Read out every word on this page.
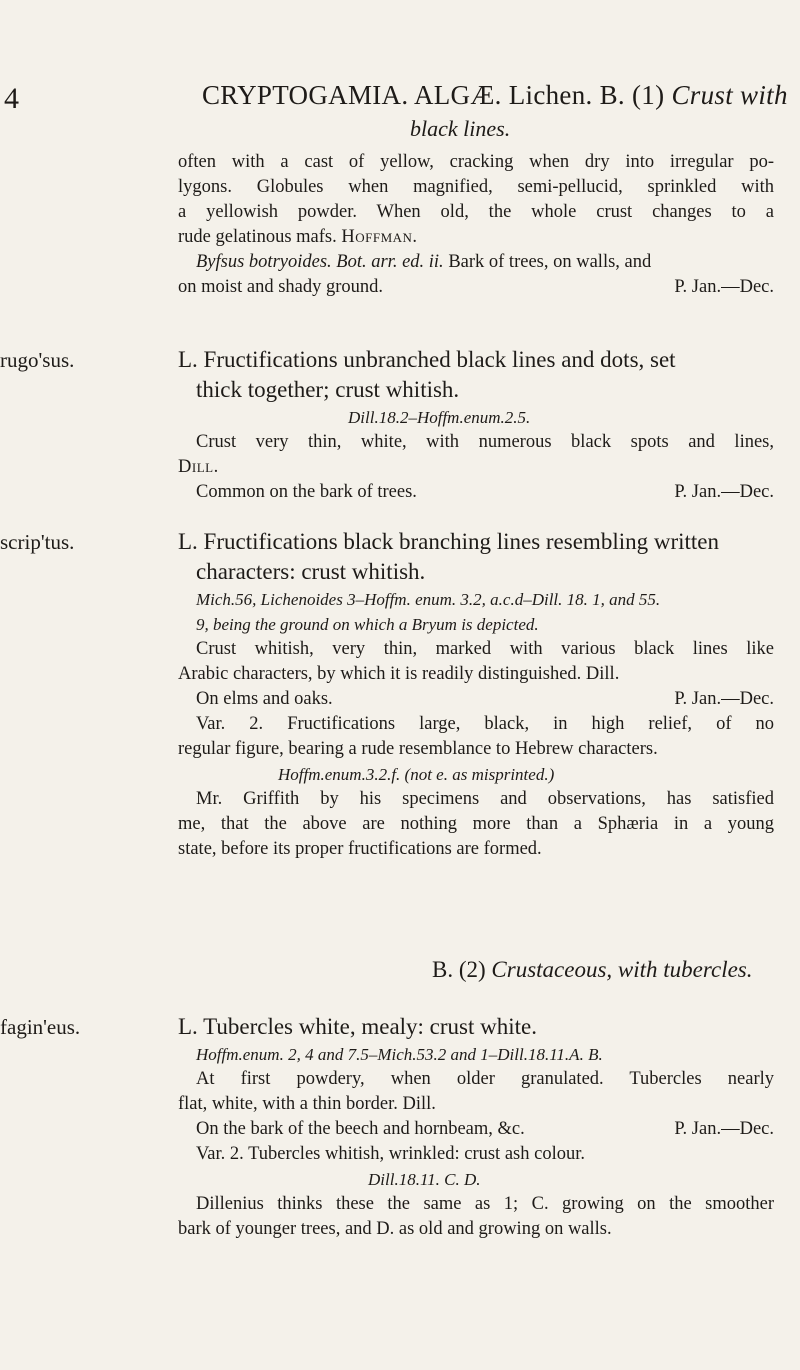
4	CRYPTOGAMIA. ALGÆ. Lichen. B. (1) Crust with
black lines.
often with a cast of yellow, cracking when dry into irregular po-
lygons. Globules when magnified, semi-pellucid, sprinkled with
a yellowish powder. When old, the whole crust changes to a
rude gelatinous mafs. Hoffman.
Byfsus botryoides. Bot. arr. ed. ii. Bark of trees, on walls, and
on moist and shady ground.	P. Jan.—Dec.
rugo'sus.	L. Fructifications unbranched black lines and dots, set
thick together; crust whitish.
Dill.18.2–Hoffm.enum.2.5.
Crust very thin, white, with numerous black spots and lines,
Dill.
Common on the bark of trees.	P. Jan.—Dec.
scrip'tus.	L. Fructifications black branching lines resembling written
characters: crust whitish.
Mich.56, Lichenoides 3–Hoffm. enum. 3.2, a.c.d–Dill. 18. 1, and 55.
9, being the ground on which a Bryum is depicted.
Crust whitish, very thin, marked with various black lines like
Arabic characters, by which it is readily distinguished. Dill.
On elms and oaks.	P. Jan.—Dec.
Var. 2. Fructifications large, black, in high relief, of no
regular figure, bearing a rude resemblance to Hebrew characters.
Hoffm.enum.3.2.f. (not e. as misprinted.)
Mr. Griffith by his specimens and observations, has satisfied
me, that the above are nothing more than a Sphæria in a young
state, before its proper fructifications are formed.
B. (2) Crustaceous, with tubercles.
fagin'eus.	L. Tubercles white, mealy: crust white.
Hoffm.enum. 2, 4 and 7.5–Mich.53.2 and 1–Dill.18.11.A. B.
At first powdery, when older granulated. Tubercles nearly
flat, white, with a thin border. Dill.
On the bark of the beech and hornbeam, &c.	P. Jan.—Dec.
Var. 2. Tubercles whitish, wrinkled: crust ash colour.
Dill.18.11. C. D.
Dillenius thinks these the same as 1; C. growing on the smoother
bark of younger trees, and D. as old and growing on walls.
